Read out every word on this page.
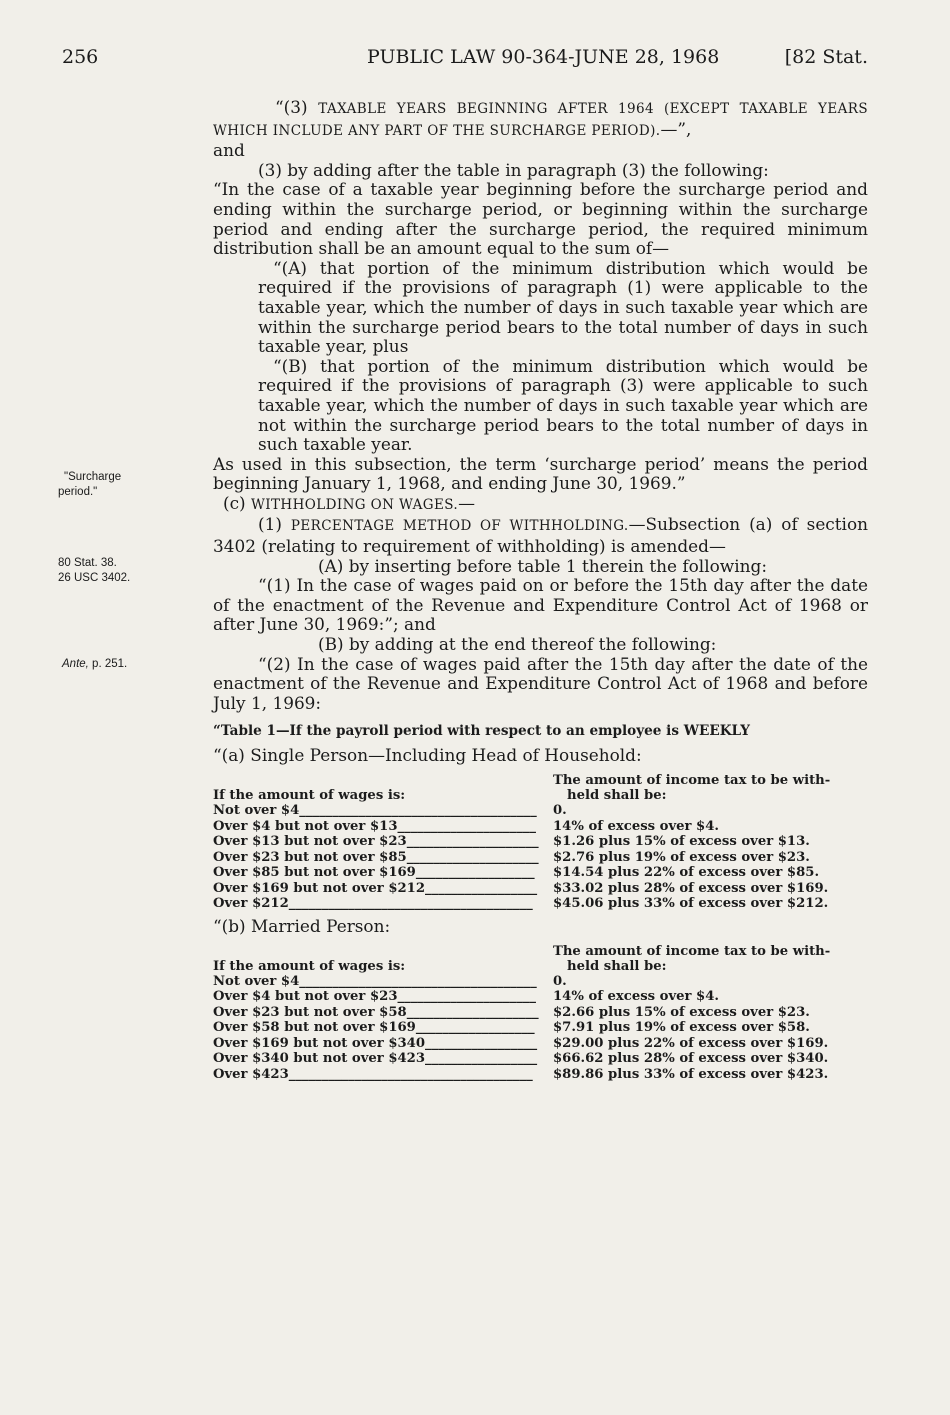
256	PUBLIC LAW 90-364-JUNE 28, 1968	[82 Stat.
"Surcharge
period."
80 Stat. 38.
26 USC 3402.
Ante, p. 251.

“(3) TAXABLE YEARS BEGINNING AFTER 1964 (EXCEPT TAXABLE YEARS WHICH INCLUDE ANY PART OF THE SURCHARGE PERIOD).—”,

and

(3) by adding after the table in paragraph (3) the following:

“In the case of a taxable year beginning before the surcharge period and ending within the surcharge period, or beginning within the surcharge period and ending after the surcharge period, the required minimum distribution shall be an amount equal to the sum of—

“(A) that portion of the minimum distribution which would be required if the provisions of paragraph (1) were applicable to the taxable year, which the number of days in such taxable year which are within the surcharge period bears to the total number of days in such taxable year, plus

“(B) that portion of the minimum distribution which would be required if the provisions of paragraph (3) were applicable to such taxable year, which the number of days in such taxable year which are not within the surcharge period bears to the total number of days in such taxable year.

As used in this subsection, the term ‘surcharge period’ means the period beginning January 1, 1968, and ending June 30, 1969.”

(c) WITHHOLDING ON WAGES.—

(1) PERCENTAGE METHOD OF WITHHOLDING.—Subsection (a) of section 3402 (relating to requirement of withholding) is amended—

(A) by inserting before table 1 therein the following:

“(1) In the case of wages paid on or before the 15th day after the date of the enactment of the Revenue and Expenditure Control Act of 1968 or after June 30, 1969:”; and

(B) by adding at the end thereof the following:

“(2) In the case of wages paid after the 15th day after the date of the enactment of the Revenue and Expenditure Control Act of 1968 and before July 1, 1969:

“Table 1—If the payroll period with respect to an employee is WEEKLY
“(a) Single Person—Including Head of Household:
If the amount of wages is:	The amount of income tax to be with-
held shall be:

Not over $4____________________________________	0.
Over $4 but not over $13_____________________	14% of excess over $4.
Over $13 but not over $23____________________	$1.26 plus 15% of excess over $13.
Over $23 but not over $85____________________	$2.76 plus 19% of excess over $23.
Over $85 but not over $169__________________	$14.54 plus 22% of excess over $85.
Over $169 but not over $212_________________	$33.02 plus 28% of excess over $169.
Over $212_____________________________________	$45.06 plus 33% of excess over $212.
“(b) Married Person:
If the amount of wages is:	The amount of income tax to be with-
held shall be:

Not over $4____________________________________	0.
Over $4 but not over $23_____________________	14% of excess over $4.
Over $23 but not over $58____________________	$2.66 plus 15% of excess over $23.
Over $58 but not over $169__________________	$7.91 plus 19% of excess over $58.
Over $169 but not over $340_________________	$29.00 plus 22% of excess over $169.
Over $340 but not over $423_________________	$66.62 plus 28% of excess over $340.
Over $423_____________________________________	$89.86 plus 33% of excess over $423.
